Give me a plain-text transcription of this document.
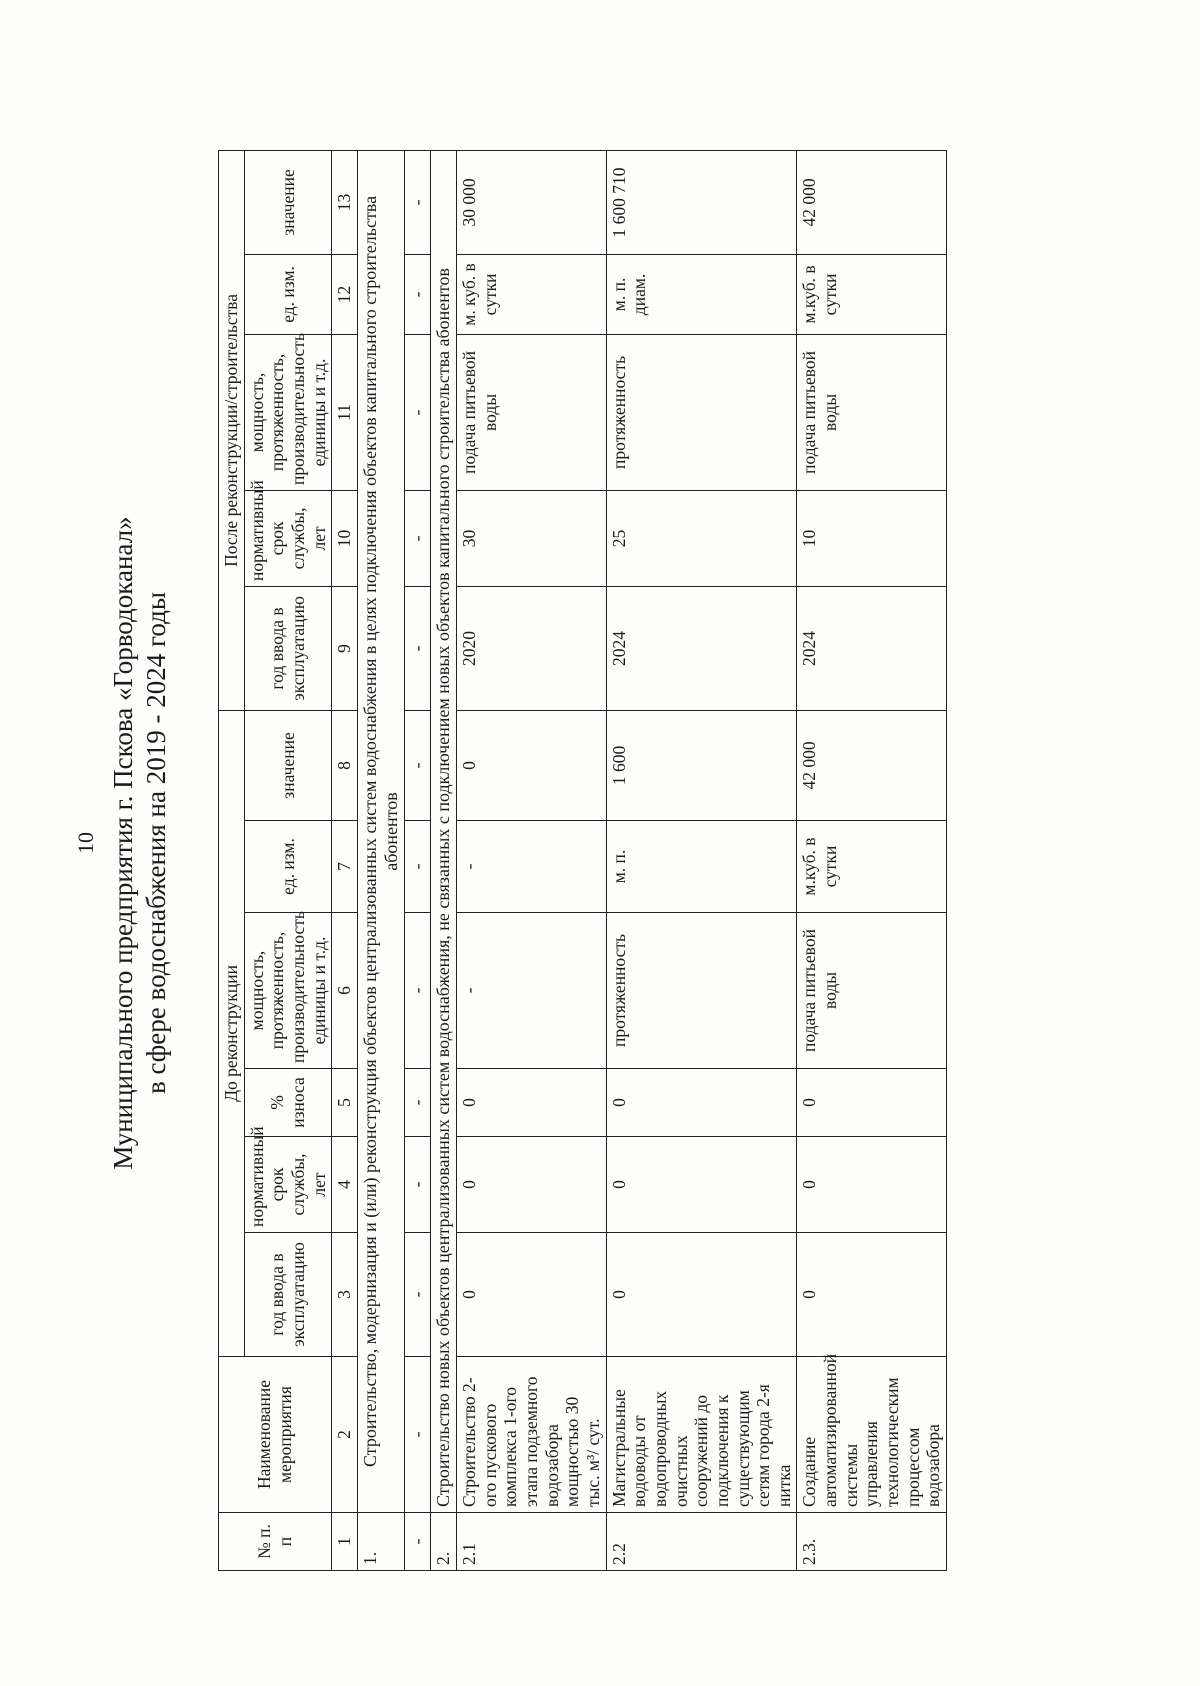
10 Муниципального предприятия г. Пскова «Горводоканал» в сфере водоснабжения на 2019 - 2024 годы
№ п. п	Наименование мероприятия	До реконструкции						После реконструкции/строительства				
		год ввода в эксплуатацию	нормативный срок службы, лет	% износа	мощность, протяженность, производительность единицы и т.д.	ед. изм.	значение	год ввода в эксплуатацию	нормативный срок службы, лет	мощность, протяженность, производительность единицы и т.д.	ед. изм.	значение
1	2	3	4	5	6	7	8	9	10	11	12	13
1.	Строительство, модернизация и (или) реконструкция объектов централизованных систем водоснабжения в целях подключения объектов капитального строительства абонентов											
-	-	-	-	-	-	-	-	-	-	-	-	-
2.	Строительство новых объектов централизованных систем водоснабжения, не связанных с подключением новых объектов капитального строительства абонентов											
2.1	Строительство 2-ого пускового комплекса 1-ого этапа подземного водозабора мощностью 30 тыс. м³/ сут.	0	0	0	-	-	0	2020	30	подача питьевой воды	м. куб. в сутки	30 000
2.2	Магистральные водоводы от водопроводных очистных сооружений до подключения к существующим сетям города 2-я нитка	0	0	0	протяженность	м. п.	1 600	2024	25	протяженность	м. п. диам.	1 600 710
2.3.	Создание автоматизированной системы управления технологическим процессом водозабора	0	0	0	подача питьевой воды	м.куб. в сутки	42 000	2024	10	подача питьевой воды	м.куб. в сутки	42 000
